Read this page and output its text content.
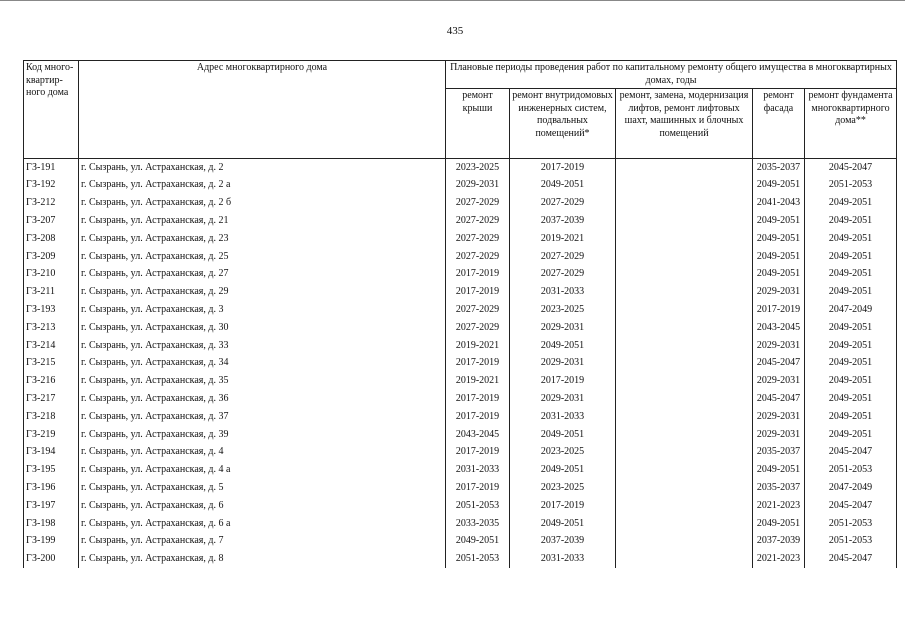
435
Код много-квартир-ного дома	Адрес многоквартирного дома	Плановые периоды проведения работ по капитальному ремонту общего имущества в многоквартирных домах, годы				
		ремонт крыши	ремонт внутридомовых инженерных систем, подвальных помещений*	ремонт, замена, модернизация лифтов, ремонт лифтовых шахт, машинных и блочных помещений	ремонт фасада	ремонт фундамента многоквартирного дома**
ГЗ-191	г. Сызрань, ул. Астраханская, д. 2	2023-2025	2017-2019		2035-2037	2045-2047
ГЗ-192	г. Сызрань, ул. Астраханская, д. 2 а	2029-2031	2049-2051		2049-2051	2051-2053
ГЗ-212	г. Сызрань, ул. Астраханская, д. 2 б	2027-2029	2027-2029		2041-2043	2049-2051
ГЗ-207	г. Сызрань, ул. Астраханская, д. 21	2027-2029	2037-2039		2049-2051	2049-2051
ГЗ-208	г. Сызрань, ул. Астраханская, д. 23	2027-2029	2019-2021		2049-2051	2049-2051
ГЗ-209	г. Сызрань, ул. Астраханская, д. 25	2027-2029	2027-2029		2049-2051	2049-2051
ГЗ-210	г. Сызрань, ул. Астраханская, д. 27	2017-2019	2027-2029		2049-2051	2049-2051
ГЗ-211	г. Сызрань, ул. Астраханская, д. 29	2017-2019	2031-2033		2029-2031	2049-2051
ГЗ-193	г. Сызрань, ул. Астраханская, д. 3	2027-2029	2023-2025		2017-2019	2047-2049
ГЗ-213	г. Сызрань, ул. Астраханская, д. 30	2027-2029	2029-2031		2043-2045	2049-2051
ГЗ-214	г. Сызрань, ул. Астраханская, д. 33	2019-2021	2049-2051		2029-2031	2049-2051
ГЗ-215	г. Сызрань, ул. Астраханская, д. 34	2017-2019	2029-2031		2045-2047	2049-2051
ГЗ-216	г. Сызрань, ул. Астраханская, д. 35	2019-2021	2017-2019		2029-2031	2049-2051
ГЗ-217	г. Сызрань, ул. Астраханская, д. 36	2017-2019	2029-2031		2045-2047	2049-2051
ГЗ-218	г. Сызрань, ул. Астраханская, д. 37	2017-2019	2031-2033		2029-2031	2049-2051
ГЗ-219	г. Сызрань, ул. Астраханская, д. 39	2043-2045	2049-2051		2029-2031	2049-2051
ГЗ-194	г. Сызрань, ул. Астраханская, д. 4	2017-2019	2023-2025		2035-2037	2045-2047
ГЗ-195	г. Сызрань, ул. Астраханская, д. 4 а	2031-2033	2049-2051		2049-2051	2051-2053
ГЗ-196	г. Сызрань, ул. Астраханская, д. 5	2017-2019	2023-2025		2035-2037	2047-2049
ГЗ-197	г. Сызрань, ул. Астраханская, д. 6	2051-2053	2017-2019		2021-2023	2045-2047
ГЗ-198	г. Сызрань, ул. Астраханская, д. 6 а	2033-2035	2049-2051		2049-2051	2051-2053
ГЗ-199	г. Сызрань, ул. Астраханская, д. 7	2049-2051	2037-2039		2037-2039	2051-2053
ГЗ-200	г. Сызрань, ул. Астраханская, д. 8	2051-2053	2031-2033		2021-2023	2045-2047
